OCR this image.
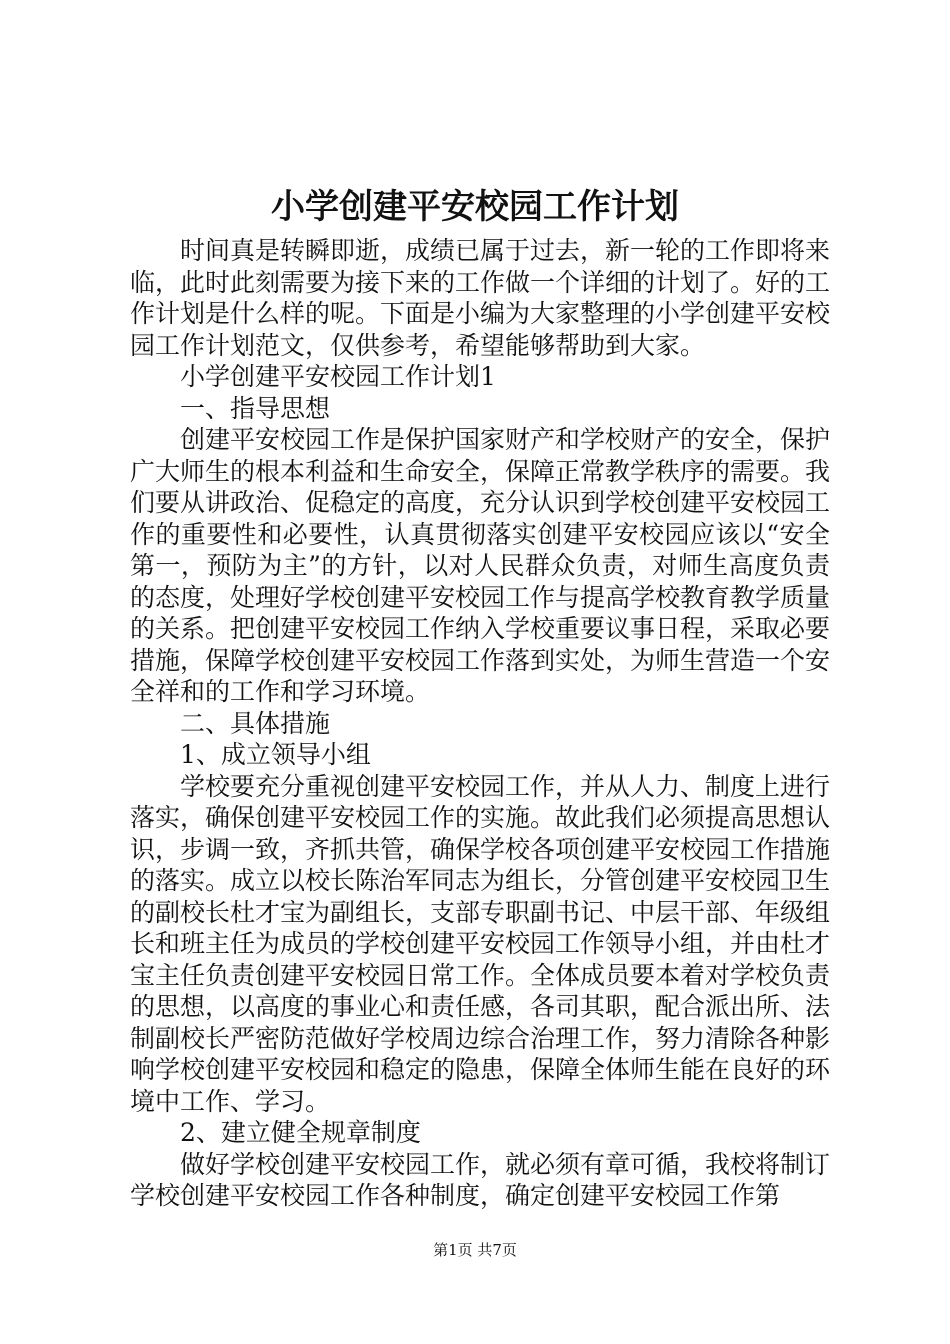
小学创建平安校园工作计划

时间真是转瞬即逝，成绩已属于过去，新一轮的工作即将来临，此时此刻需要为接下来的工作做一个详细的计划了。好的工作计划是什么样的呢。下面是小编为大家整理的小学创建平安校园工作计划范文，仅供参考，希望能够帮助到大家。

小学创建平安校园工作计划1

一、指导思想

创建平安校园工作是保护国家财产和学校财产的安全，保护广大师生的根本利益和生命安全，保障正常教学秩序的需要。我们要从讲政治、促稳定的高度，充分认识到学校创建平安校园工作的重要性和必要性，认真贯彻落实创建平安校园应该以“安全第一，预防为主”的方针，以对人民群众负责，对师生高度负责的态度，处理好学校创建平安校园工作与提高学校教育教学质量的关系。把创建平安校园工作纳入学校重要议事日程，采取必要措施，保障学校创建平安校园工作落到实处，为师生营造一个安全祥和的工作和学习环境。

二、具体措施

1、成立领导小组

学校要充分重视创建平安校园工作，并从人力、制度上进行落实，确保创建平安校园工作的实施。故此我们必须提高思想认识，步调一致，齐抓共管，确保学校各项创建平安校园工作措施的落实。成立以校长陈治军同志为组长，分管创建平安校园卫生的副校长杜才宝为副组长，支部专职副书记、中层干部、年级组长和班主任为成员的学校创建平安校园工作领导小组，并由杜才宝主任负责创建平安校园日常工作。全体成员要本着对学校负责的思想，以高度的事业心和责任感，各司其职，配合派出所、法制副校长严密防范做好学校周边综合治理工作，努力清除各种影响学校创建平安校园和稳定的隐患，保障全体师生能在良好的环境中工作、学习。

2、建立健全规章制度

做好学校创建平安校园工作，就必须有章可循，我校将制订学校创建平安校园工作各种制度，确定创建平安校园工作第

第1页 共7页
